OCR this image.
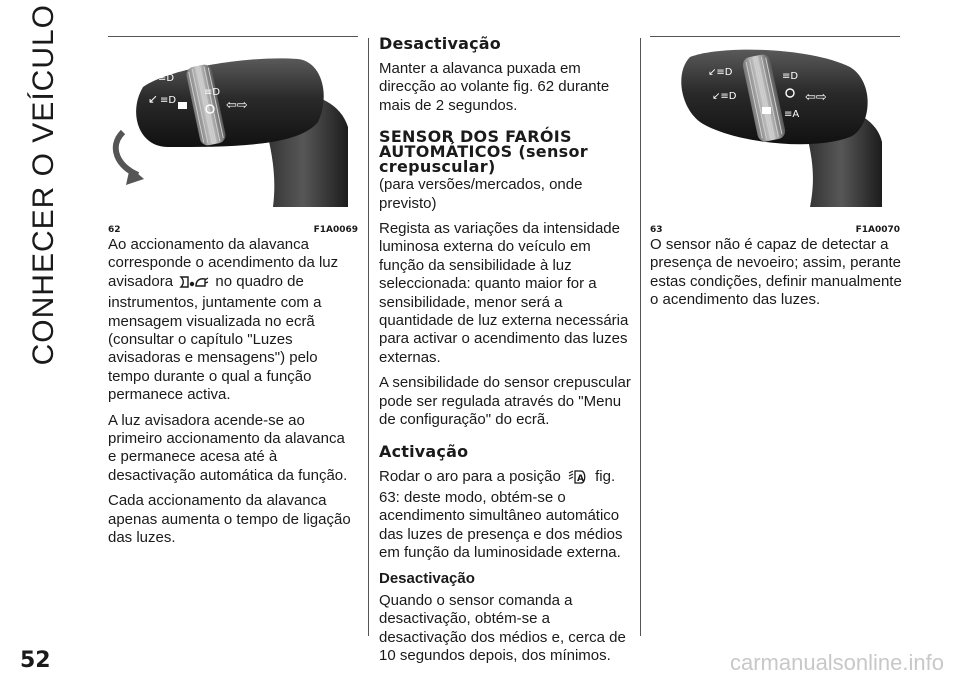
CONHECER O VEÍCULO	↙ ≡D
↙ ≡D
≡D
⇦⇨
62	F1A0069
↙≡D
↙≡D
≡D
≡A
⇦⇨
63	F1A0070

Ao accionamento da alavanca corresponde o acendimento da luz avisadora	no quadro de instrumentos, juntamente com a mensagem visualizada no ecrã (consultar o capítulo "Luzes avisadoras e mensagens") pelo tempo durante o qual a função permanece activa.

A luz avisadora acende-se ao primeiro accionamento da alavanca e permanece acesa até à desactivação automática da função.

Cada accionamento da alavanca apenas aumenta o tempo de ligação das luzes.

Desactivação

Manter a alavanca puxada em direcção ao volante fig. 62 durante mais de 2 segundos.

SENSOR DOS FARÓIS AUTOMÁTICOS (sensor crepuscular)

(para versões/mercados, onde previsto)

Regista as variações da intensidade luminosa externa do veículo em função da sensibilidade à luz seleccionada: quanto maior for a sensibilidade, menor será a quantidade de luz externa necessária para activar o acendimento das luzes externas.

A sensibilidade do sensor crepuscular pode ser regulada através do "Menu de configuração" do ecrã.

Activação

Rodar o aro para a posição A fig. 63: deste modo, obtém-se o acendimento simultâneo automático das luzes de presença e dos médios em função da luminosidade externa.

Desactivação

Quando o sensor comanda a desactivação, obtém-se a desactivação dos médios e, cerca de 10 segundos depois, dos mínimos.

O sensor não é capaz de detectar a presença de nevoeiro; assim, perante estas condições, definir manualmente o acendimento das luzes.

52	carmanualsonline.info
